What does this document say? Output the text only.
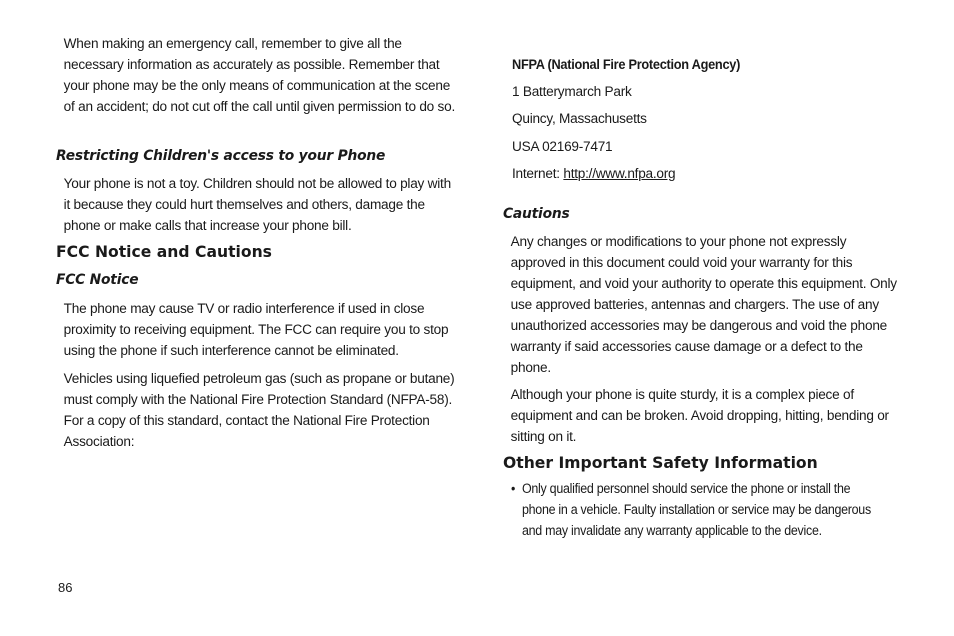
When making an emergency call, remember to give all the necessary information as accurately as possible. Remember that your phone may be the only means of communication at the scene of an accident; do not cut off the call until given permission to do so.

Restricting Children's access to your Phone

Your phone is not a toy. Children should not be allowed to play with it because they could hurt themselves and others, damage the phone or make calls that increase your phone bill.

FCC Notice and Cautions
FCC Notice

The phone may cause TV or radio interference if used in close proximity to receiving equipment. The FCC can require you to stop using the phone if such interference cannot be eliminated.

Vehicles using liquefied petroleum gas (such as propane or butane) must comply with the National Fire Protection Standard (NFPA-58). For a copy of this standard, contact the National Fire Protection Association:

NFPA (National Fire Protection Agency)
1 Batterymarch Park
Quincy, Massachusetts
USA 02169-7471
Internet: http://www.nfpa.org
Cautions

Any changes or modifications to your phone not expressly approved in this document could void your warranty for this equipment, and void your authority to operate this equipment. Only use approved batteries, antennas and chargers. The use of any unauthorized accessories may be dangerous and void the phone warranty if said accessories cause damage or a defect to the phone.

Although your phone is quite sturdy, it is a complex piece of equipment and can be broken. Avoid dropping, hitting, bending or sitting on it.

Other Important Safety Information
• Only qualified personnel should service the phone or install the phone in a vehicle. Faulty installation or service may be dangerous and may invalidate any warranty applicable to the device.
86
